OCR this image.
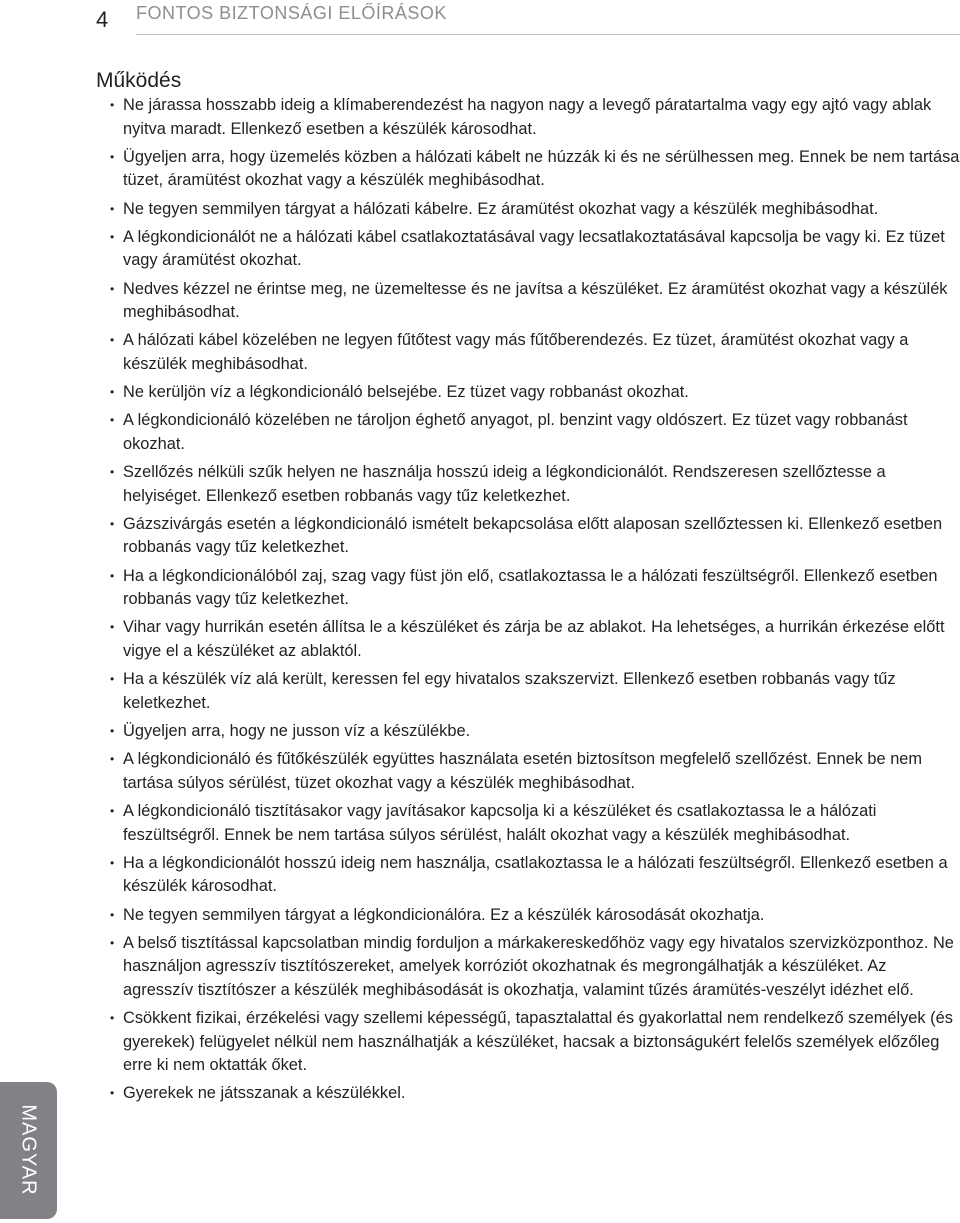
4 FONTOS BIZTONSÁGI ELŐÍRÁSOK
Működés
• Ne járassa hosszabb ideig a klímaberendezést ha nagyon nagy a levegő páratartalma vagy egy ajtó vagy ablak nyitva maradt. Ellenkező esetben a készülék károsodhat.
• Ügyeljen arra, hogy üzemelés közben a hálózati kábelt ne húzzák ki és ne sérülhessen meg. Ennek be nem tartása tüzet, áramütést okozhat vagy a készülék meghibásodhat.
• Ne tegyen semmilyen tárgyat a hálózati kábelre. Ez áramütést okozhat vagy a készülék meghibásodhat.
• A légkondicionálót ne a hálózati kábel csatlakoztatásával vagy lecsatlakoztatásával kapcsolja be vagy ki. Ez tüzet vagy áramütést okozhat.
• Nedves kézzel ne érintse meg, ne üzemeltesse és ne javítsa a készüléket. Ez áramütést okozhat vagy a készülék meghibásodhat.
• A hálózati kábel közelében ne legyen fűtőtest vagy más fűtőberendezés. Ez tüzet, áramütést okozhat vagy a készülék meghibásodhat.
• Ne kerüljön víz a légkondicionáló belsejébe. Ez tüzet vagy robbanást okozhat.
• A légkondicionáló közelében ne tároljon éghető anyagot, pl. benzint vagy oldószert. Ez tüzet vagy robbanást okozhat.
• Szellőzés nélküli szűk helyen ne használja hosszú ideig a légkondicionálót. Rendszeresen szellőztesse a helyiséget. Ellenkező esetben robbanás vagy tűz keletkezhet.
• Gázszivárgás esetén a légkondicionáló ismételt bekapcsolása előtt alaposan szellőztessen ki. Ellenkező esetben robbanás vagy tűz keletkezhet.
• Ha a légkondicionálóból zaj, szag vagy füst jön elő, csatlakoztassa le a hálózati feszültségről. Ellenkező esetben robbanás vagy tűz keletkezhet.
• Vihar vagy hurrikán esetén állítsa le a készüléket és zárja be az ablakot. Ha lehetséges, a hurrikán érkezése előtt vigye el a készüléket az ablaktól.
• Ha a készülék víz alá került, keressen fel egy hivatalos szakszervizt. Ellenkező esetben robbanás vagy tűz keletkezhet.
• Ügyeljen arra, hogy ne jusson víz a készülékbe.
• A légkondicionáló és fűtőkészülék együttes használata esetén biztosítson megfelelő szellőzést. Ennek be nem tartása súlyos sérülést, tüzet okozhat vagy a készülék meghibásodhat.
• A légkondicionáló tisztításakor vagy javításakor kapcsolja ki a készüléket és csatlakoztassa le a hálózati feszültségről. Ennek be nem tartása súlyos sérülést, halált okozhat vagy a készülék meghibásodhat.
• Ha a légkondicionálót hosszú ideig nem használja, csatlakoztassa le a hálózati feszültségről. Ellenkező esetben a készülék károsodhat.
• Ne tegyen semmilyen tárgyat a légkondicionálóra. Ez a készülék károsodását okozhatja.
• A belső tisztítással kapcsolatban mindig forduljon a márkakereskedőhöz vagy egy hivatalos szervizközponthoz. Ne használjon agresszív tisztítószereket, amelyek korróziót okozhatnak és megrongálhatják a készüléket. Az agresszív tisztítószer a készülék meghibásodását is okozhatja, valamint tűzés áramütés-veszélyt idézhet elő.
• Csökkent fizikai, érzékelési vagy szellemi képességű, tapasztalattal és gyakorlattal nem rendelkező személyek (és gyerekek) felügyelet nélkül nem használhatják a készüléket, hacsak a biztonságukért felelős személyek előzőleg erre ki nem oktatták őket.
• Gyerekek ne játsszanak a készülékkel.
MAGYAR
